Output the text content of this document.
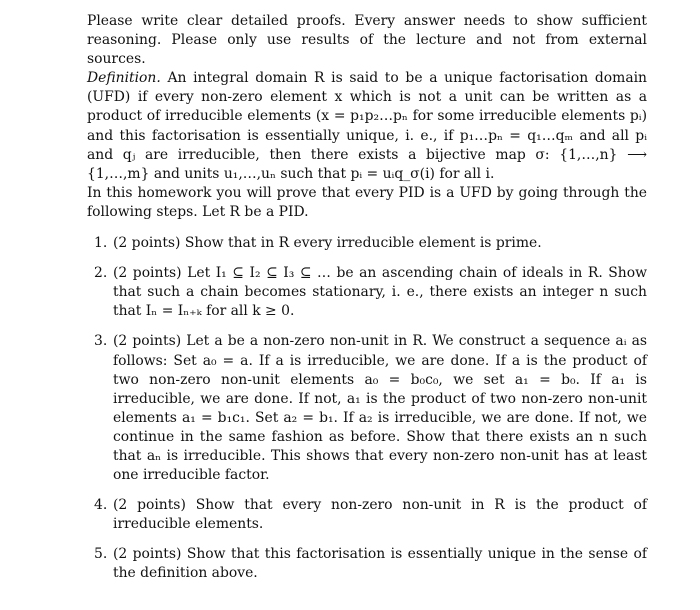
Please write clear detailed proofs. Every answer needs to show sufficient reasoning. Please only use results of the lecture and not from external sources.

Definition. An integral domain R is said to be a unique factorisation domain (UFD) if every non-zero element x which is not a unit can be written as a product of irreducible elements (x = p₁p₂…pₙ for some irreducible elements pᵢ) and this factorisation is essentially unique, i. e., if p₁…pₙ = q₁…qₘ and all pᵢ and qⱼ are irreducible, then there exists a bijective map σ: {1,…,n} ⟶ {1,…,m} and units u₁,…,uₙ such that pᵢ = uᵢq_σ(i) for all i.

In this homework you will prove that every PID is a UFD by going through the following steps. Let R be a PID.

1. (2 points) Show that in R every irreducible element is prime.
2. (2 points) Let I₁ ⊆ I₂ ⊆ I₃ ⊆ … be an ascending chain of ideals in R. Show that such a chain becomes stationary, i. e., there exists an integer n such that Iₙ = Iₙ₊ₖ for all k ≥ 0.
3. (2 points) Let a be a non-zero non-unit in R. We construct a sequence aᵢ as follows: Set a₀ = a. If a is irreducible, we are done. If a is the product of two non-zero non-unit elements a₀ = b₀c₀, we set a₁ = b₀. If a₁ is irreducible, we are done. If not, a₁ is the product of two non-zero non-unit elements a₁ = b₁c₁. Set a₂ = b₁. If a₂ is irreducible, we are done. If not, we continue in the same fashion as before. Show that there exists an n such that aₙ is irreducible. This shows that every non-zero non-unit has at least one irreducible factor.
4. (2 points) Show that every non-zero non-unit in R is the product of irreducible elements.
5. (2 points) Show that this factorisation is essentially unique in the sense of the definition above.
